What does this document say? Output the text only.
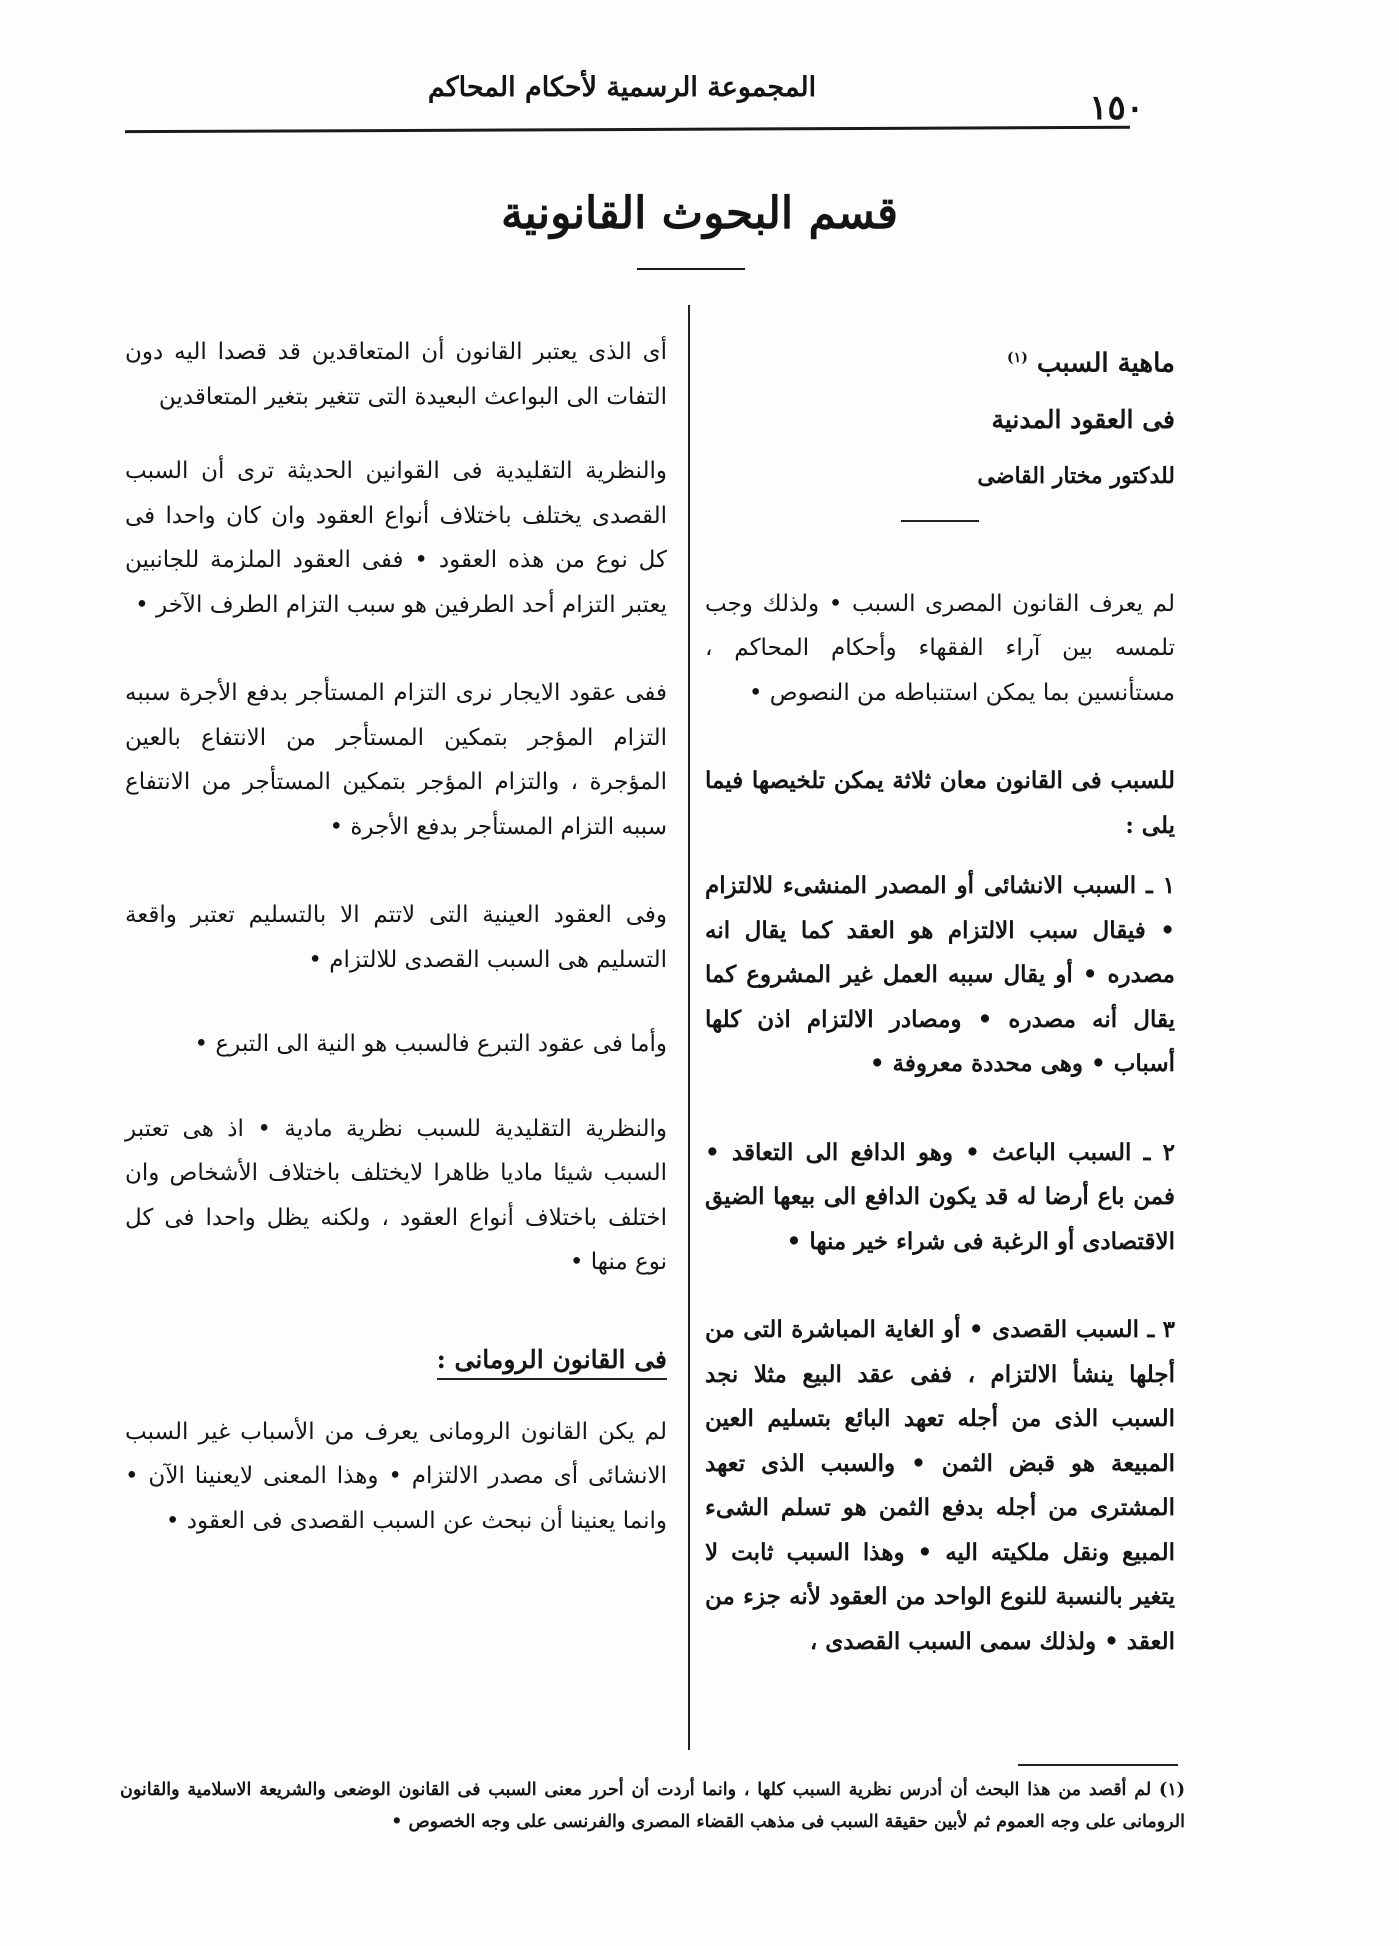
١٥٠
المجموعة الرسمية لأحكام المحاكم
قسم البحوث القانونية

ماهية السبب $^{(١)}$

فى العقود المدنية

للدكتور مختار القاضى

لم يعرف القانون المصرى السبب • ولذلك وجب تلمسه بين آراء الفقهاء وأحكام المحاكم ، مستأنسين بما يمكن استنباطه من النصوص •

للسبب فى القانون معان ثلاثة يمكن تلخيصها فيما يلى :

١ ـ السبب الانشائى أو المصدر المنشىء للالتزام • فيقال سبب الالتزام هو العقد كما يقال انه مصدره • أو يقال سببه العمل غير المشروع كما يقال أنه مصدره • ومصادر الالتزام اذن كلها أسباب • وهى محددة معروفة •

٢ ـ السبب الباعث • وهو الدافع الى التعاقد • فمن باع أرضا له قد يكون الدافع الى بيعها الضيق الاقتصادى أو الرغبة فى شراء خير منها •

٣ ـ السبب القصدى • أو الغاية المباشرة التى من أجلها ينشأ الالتزام ، ففى عقد البيع مثلا نجد السبب الذى من أجله تعهد البائع بتسليم العين المبيعة هو قبض الثمن • والسبب الذى تعهد المشترى من أجله بدفع الثمن هو تسلم الشىء المبيع ونقل ملكيته اليه • وهذا السبب ثابت لا يتغير بالنسبة للنوع الواحد من العقود لأنه جزء من العقد • ولذلك سمى السبب القصدى ،

أى الذى يعتبر القانون أن المتعاقدين قد قصدا اليه دون التفات الى البواعث البعيدة التى تتغير بتغير المتعاقدين

والنظرية التقليدية فى القوانين الحديثة ترى أن السبب القصدى يختلف باختلاف أنواع العقود وان كان واحدا فى كل نوع من هذه العقود • ففى العقود الملزمة للجانبين يعتبر التزام أحد الطرفين هو سبب التزام الطرف الآخر •

ففى عقود الايجار نرى التزام المستأجر بدفع الأجرة سببه التزام المؤجر بتمكين المستأجر من الانتفاع بالعين المؤجرة ، والتزام المؤجر بتمكين المستأجر من الانتفاع سببه التزام المستأجر بدفع الأجرة •

وفى العقود العينية التى لاتتم الا بالتسليم تعتبر واقعة التسليم هى السبب القصدى للالتزام •

وأما فى عقود التبرع فالسبب هو النية الى التبرع •

والنظرية التقليدية للسبب نظرية مادية • اذ هى تعتبر السبب شيئا ماديا ظاهرا لايختلف باختلاف الأشخاص وان اختلف باختلاف أنواع العقود ، ولكنه يظل واحدا فى كل نوع منها •

فى القانون الرومانى :

لم يكن القانون الرومانى يعرف من الأسباب غير السبب الانشائى أى مصدر الالتزام • وهذا المعنى لايعنينا الآن • وانما يعنينا أن نبحث عن السبب القصدى فى العقود •

(١) لم أقصد من هذا البحث أن أدرس نظرية السبب كلها ، وانما أردت أن أحرر معنى السبب فى القانون الوضعى والشريعة الاسلامية والقانون الرومانى على وجه العموم ثم لأبين حقيقة السبب فى مذهب القضاء المصرى والفرنسى على وجه الخصوص •
